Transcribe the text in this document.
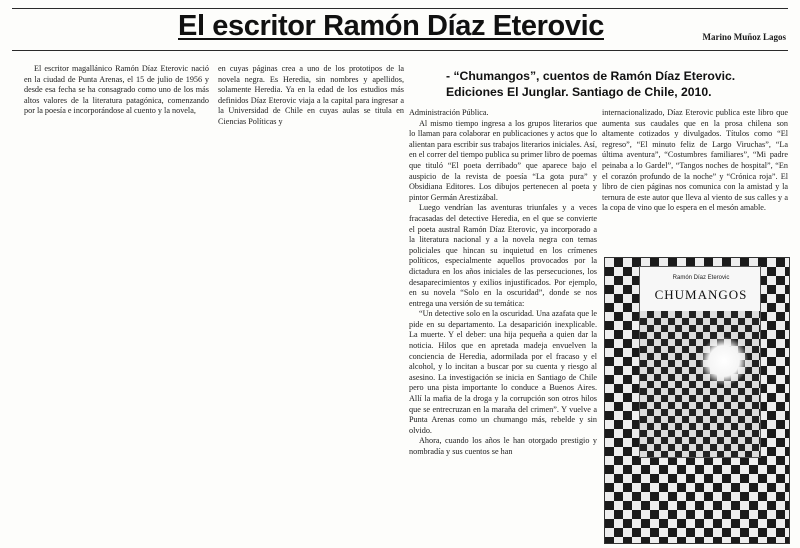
El escritor Ramón Díaz Eterovic	Marino Muñoz Lagos

El escritor magallánico Ramón Díaz Eterovic nació en la ciudad de Punta Arenas, el 15 de julio de 1956 y desde esa fecha se ha consagrado como uno de los más altos valores de la literatura patagónica, comenzando por la poesía e incorporándose al cuento y la novela,

en cuyas páginas crea a uno de los prototipos de la novela negra. Es Heredia, sin nombres y apellidos, solamente Heredia. Ya en la edad de los estudios más definidos Díaz Eterovic viaja a la capital para ingresar a la Universidad de Chile en cuyas aulas se titula en Ciencias Políticas y

- “Chumangos”, cuentos de Ramón Díaz Eterovic. Ediciones El Junglar. Santiago de Chile, 2010.

Administración Pública.

Al mismo tiempo ingresa a los grupos literarios que lo llaman para colaborar en publicaciones y actos que lo alientan para escribir sus trabajos literarios iniciales. Así, en el correr del tiempo publica su primer libro de poemas que tituló “El poeta derribado” que aparece bajo el auspicio de la revista de poesía “La gota pura” y Obsidiana Editores. Los dibujos pertenecen al poeta y pintor Germán Arestizábal.

Luego vendrían las aventuras triunfales y a veces fracasadas del detective Heredia, en el que se convierte el poeta austral Ramón Díaz Eterovic, ya incorporado a la literatura nacional y a la novela negra con temas policiales que hincan su inquietud en los crímenes políticos, especialmente aquellos provocados por la dictadura en los años iniciales de las persecuciones, los desaparecimientos y exilios injustificados. Por ejemplo, en su novela “Solo en la oscuridad”, donde se nos entrega una versión de su temática:

“Un detective solo en la oscuridad. Una azafata que le pide en su departamento. La desaparición inexplicable. La muerte. Y el deber: una hija pequeña a quien dar la noticia. Hilos que en apretada madeja envuelven la conciencia de Heredia, adormilada por el fracaso y el alcohol, y lo incitan a buscar por su cuenta y riesgo al asesino. La investigación se inicia en Santiago de Chile pero una pista importante lo conduce a Buenos Aires. Allí la mafia de la droga y la corrupción son otros hilos que se entrecruzan en la maraña del crimen”. Y vuelve a Punta Arenas como un chumango más, rebelde y sin olvido.

Ahora, cuando los años le han otorgado prestigio y nombradía y sus cuentos se han

internacionalizado, Díaz Eterovic publica este libro que aumenta sus caudales que en la prosa chilena son altamente cotizados y divulgados. Títulos como “El regreso”, “El minuto feliz de Largo Viruchas”, “La última aventura”, “Costumbres familiares”, “Mi padre peinaba a lo Gardel”, “Tangos noches de hospital”, “En el corazón profundo de la noche” y “Crónica roja”. El libro de cien páginas nos comunica con la amistad y la ternura de este autor que lleva al viento de sus calles y a la copa de vino que lo espera en el mesón amable.

Ramón Díaz Eterovic
CHUMANGOS
